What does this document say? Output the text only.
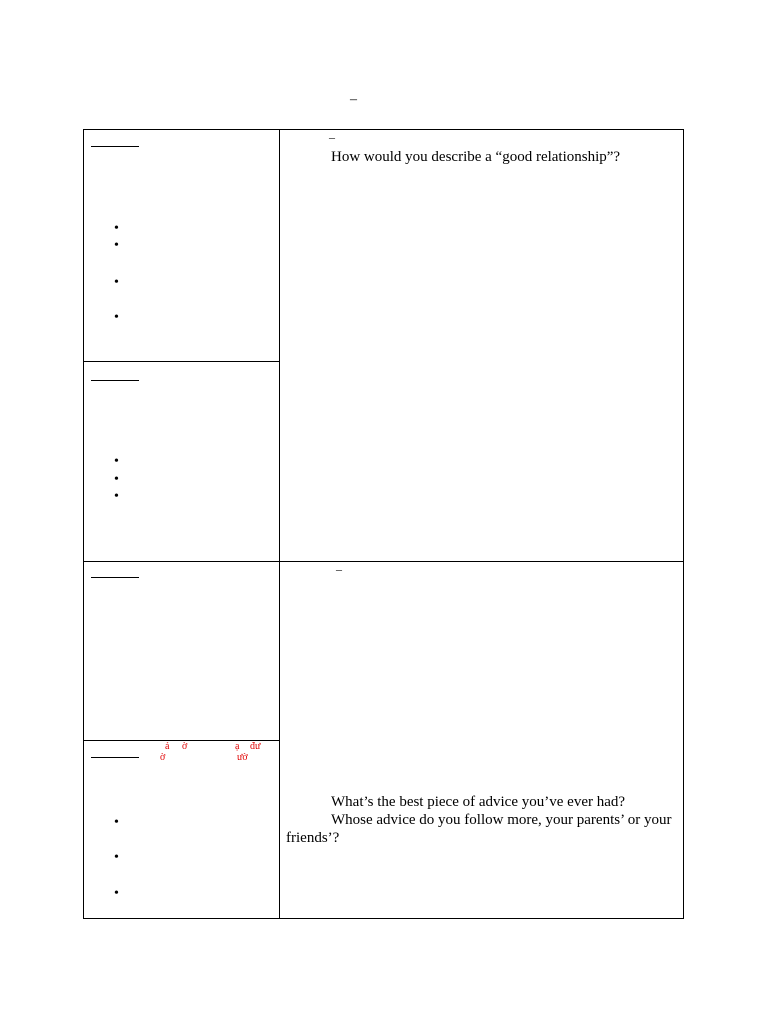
–
•
•
•
•
•
•
•
ả ờ	ạ đư
ờ	ườ
•
•
•
–
How would you describe a “good relationship”?
–
What’s the best piece of advice you’ve ever had?
Whose advice do you follow more, your parents’ or your
friends’?
